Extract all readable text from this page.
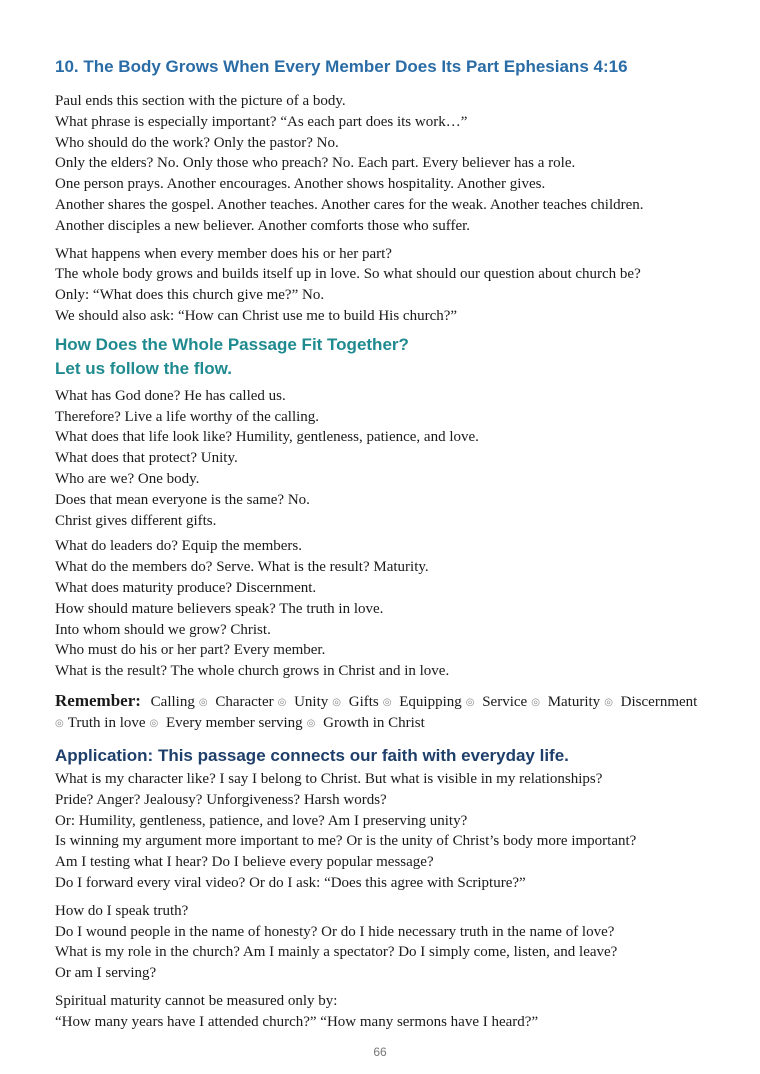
10. The Body Grows When Every Member Does Its Part Ephesians 4:16
Paul ends this section with the picture of a body.
What phrase is especially important? “As each part does its work…”
Who should do the work? Only the pastor? No.
Only the elders? No. Only those who preach? No. Each part. Every believer has a role.
One person prays. Another encourages. Another shows hospitality. Another gives.
Another shares the gospel. Another teaches. Another cares for the weak. Another teaches children.
Another disciples a new believer. Another comforts those who suffer.
What happens when every member does his or her part?
The whole body grows and builds itself up in love. So what should our question about church be?
Only: “What does this church give me?” No.
We should also ask: “How can Christ use me to build His church?”
How Does the Whole Passage Fit Together?
Let us follow the flow.
What has God done? He has called us.
Therefore? Live a life worthy of the calling.
What does that life look like? Humility, gentleness, patience, and love.
What does that protect? Unity.
Who are we? One body.
Does that mean everyone is the same? No.
Christ gives different gifts.
What do leaders do? Equip the members.
What do the members do? Serve. What is the result? Maturity.
What does maturity produce? Discernment.
How should mature believers speak? The truth in love.
Into whom should we grow? Christ.
Who must do his or her part? Every member.
What is the result? The whole church grows in Christ and in love.
Remember: Calling ◎ Character ◎ Unity ◎ Gifts ◎ Equipping ◎ Service ◎ Maturity ◎ Discernment
◎ Truth in love ◎ Every member serving ◎ Growth in Christ
Application: This passage connects our faith with everyday life.
What is my character like? I say I belong to Christ. But what is visible in my relationships?
Pride? Anger? Jealousy? Unforgiveness? Harsh words?
Or: Humility, gentleness, patience, and love? Am I preserving unity?
Is winning my argument more important to me? Or is the unity of Christ’s body more important?
Am I testing what I hear? Do I believe every popular message?
Do I forward every viral video? Or do I ask: “Does this agree with Scripture?”
How do I speak truth?
Do I wound people in the name of honesty? Or do I hide necessary truth in the name of love?
What is my role in the church? Am I mainly a spectator? Do I simply come, listen, and leave?
Or am I serving?
Spiritual maturity cannot be measured only by:
“How many years have I attended church?” “How many sermons have I heard?”
66
